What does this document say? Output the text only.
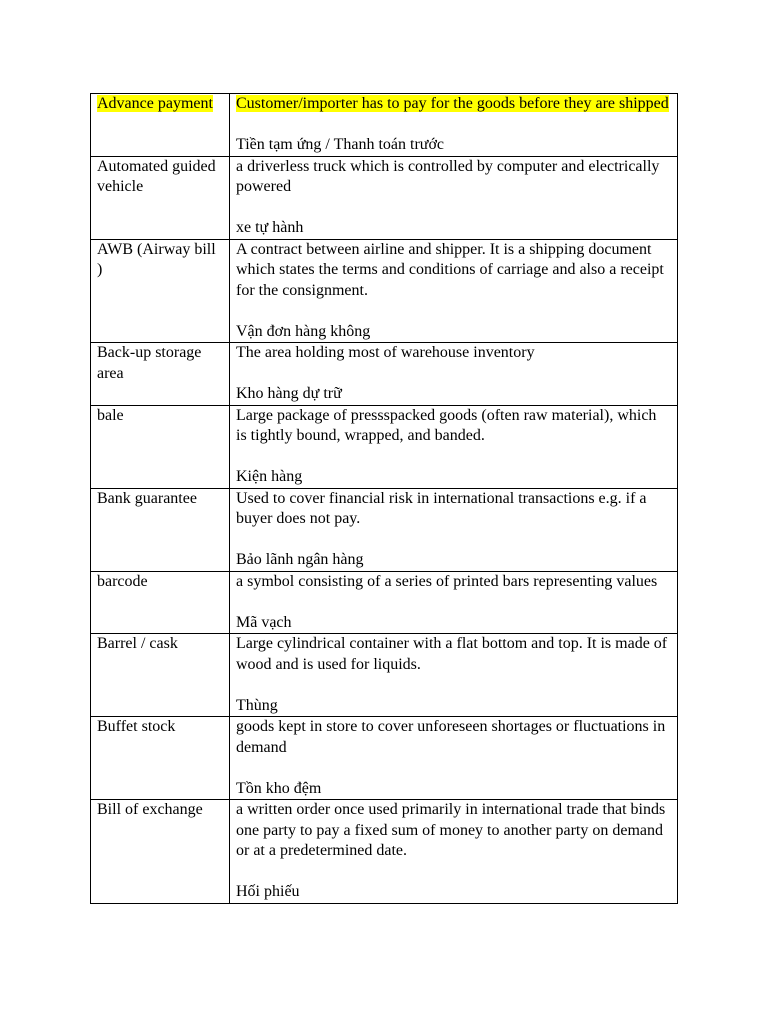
Advance payment	Customer/importer has to pay for the goods before they are shipped
Tiền tạm ứng / Thanh toán trước

Automated guided vehicle	a driverless truck which is controlled by computer and electrically powered
xe tự hành

AWB (Airway bill )	A contract between airline and shipper. It is a shipping document which states the terms and conditions of carriage and also a receipt for the consignment.
Vận đơn hàng không

Back-up storage area	The area holding most of warehouse inventory
Kho hàng dự trữ

bale	Large package of pressspacked goods (often raw material), which is tightly bound, wrapped, and banded.
Kiện hàng

Bank guarantee	Used to cover financial risk in international transactions e.g. if a buyer does not pay.
Bảo lãnh ngân hàng

barcode	a symbol consisting of a series of printed bars representing values
Mã vạch

Barrel / cask	Large cylindrical container with a flat bottom and top. It is made of wood and is used for liquids.
Thùng

Buffet stock	goods kept in store to cover unforeseen shortages or fluctuations in demand
Tồn kho đệm

Bill of exchange	a written order once used primarily in international trade that binds one party to pay a fixed sum of money to another party on demand or at a predetermined date.
Hối phiếu
